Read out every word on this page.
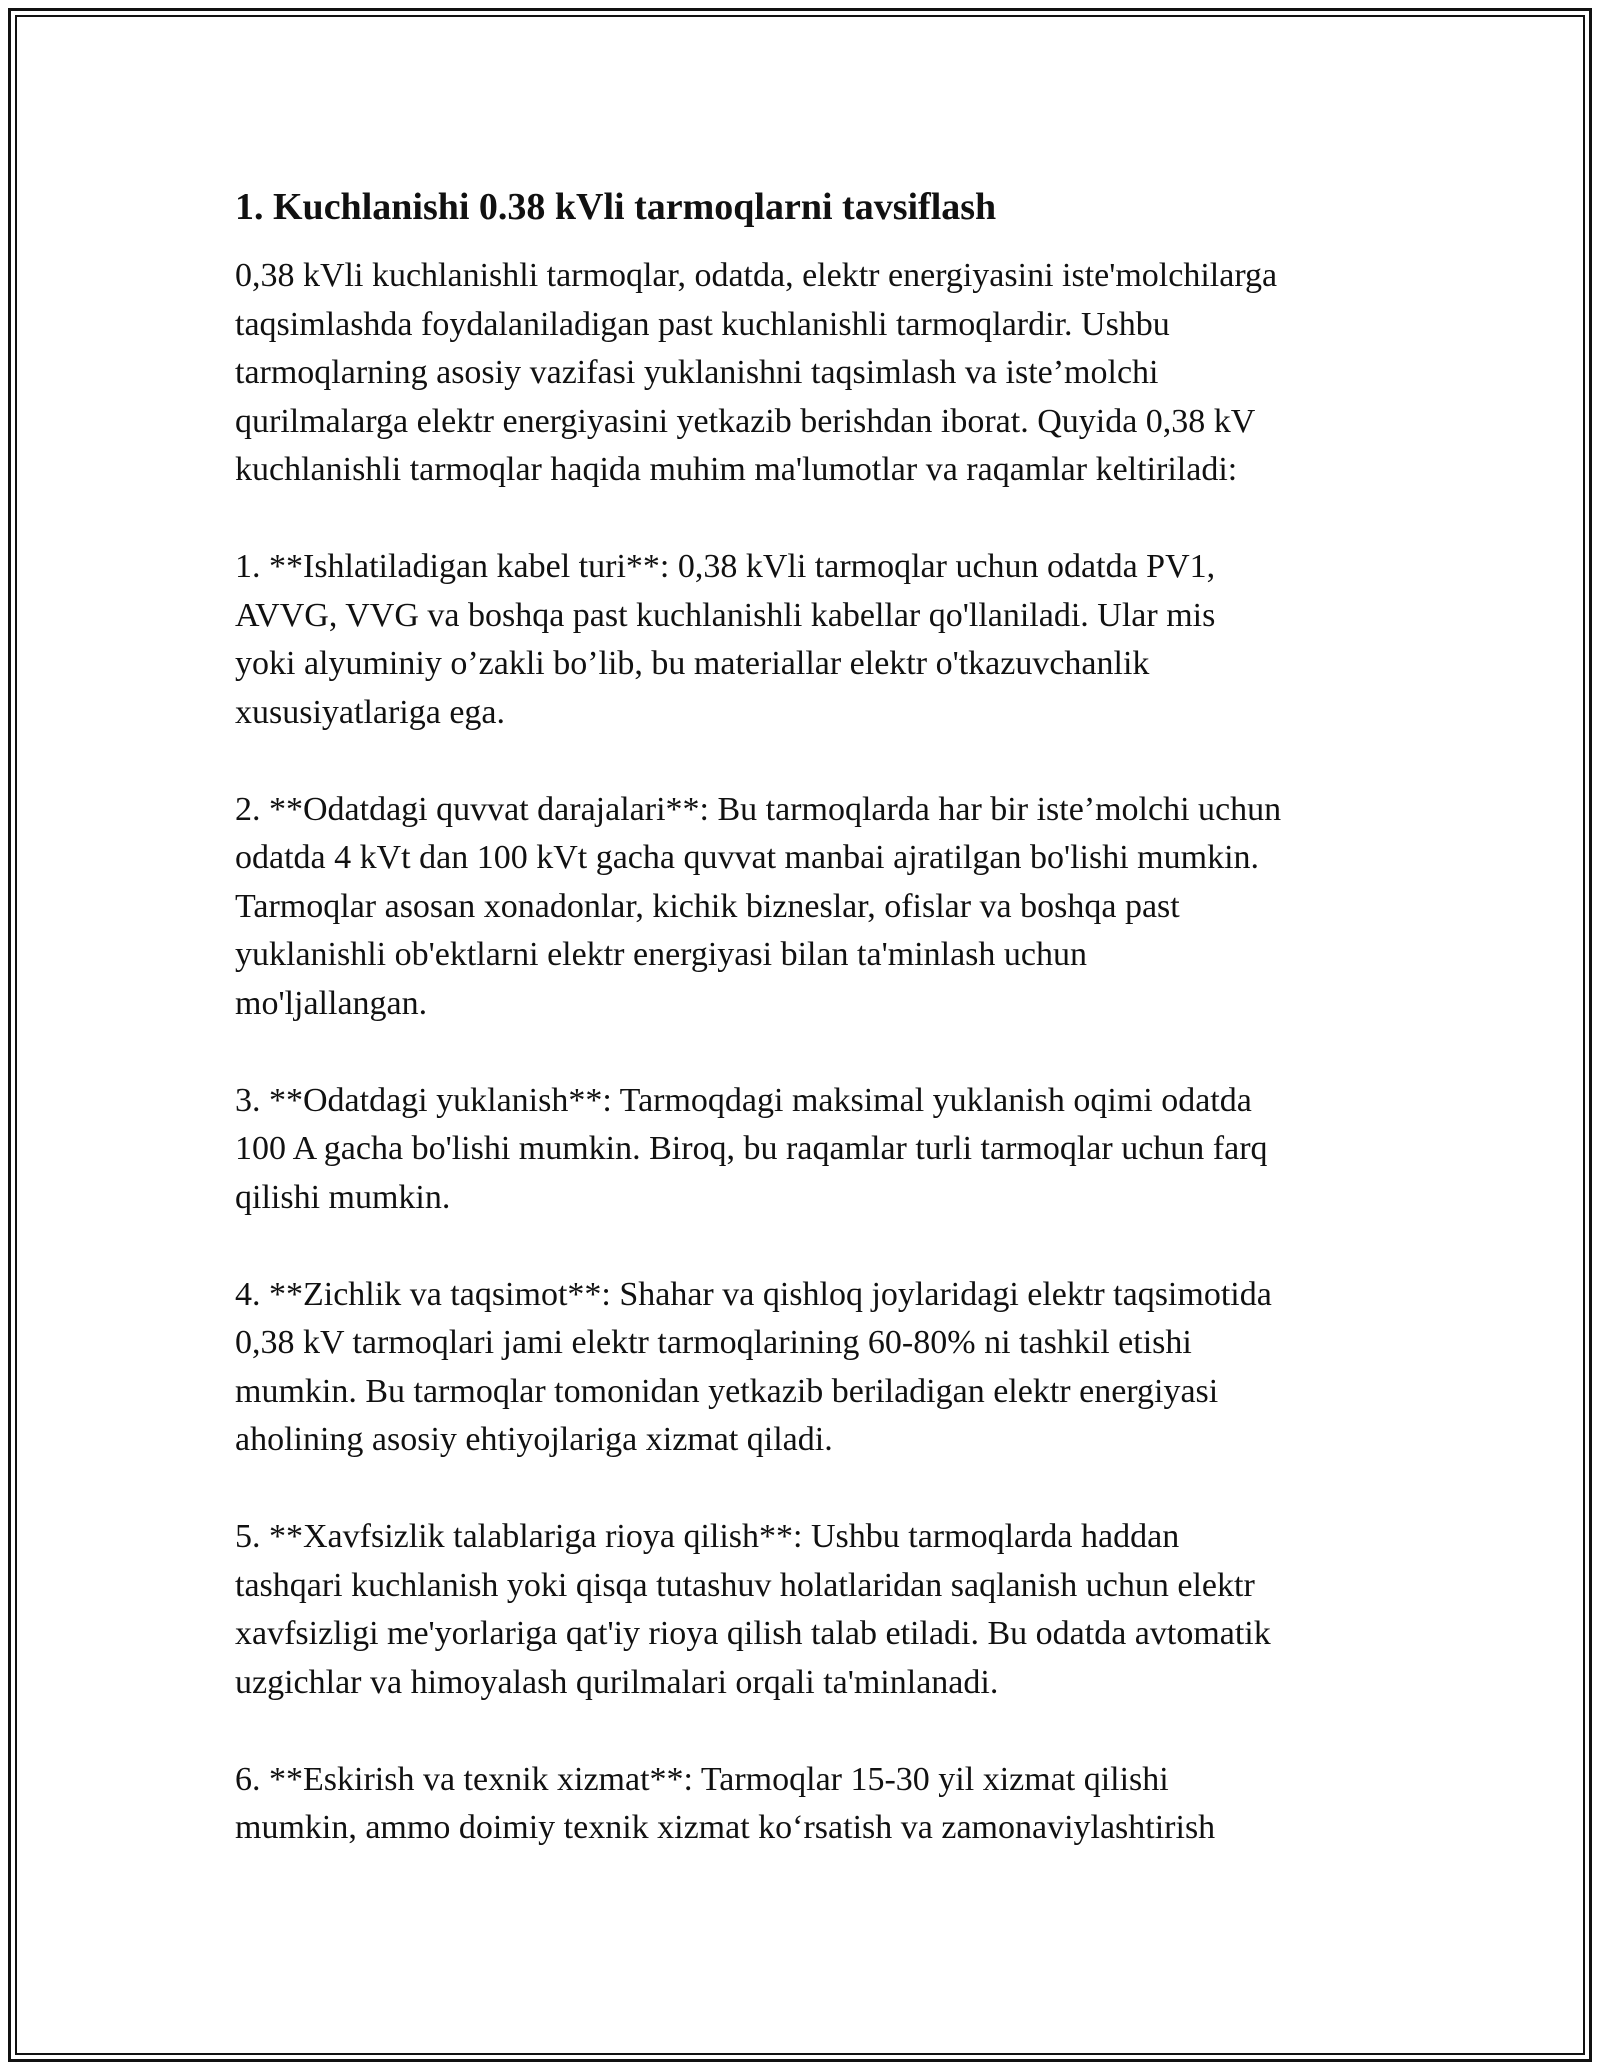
1. Kuchlanishi 0.38 kVli tarmoqlarni tavsiflash

0,38 kVli kuchlanishli tarmoqlar, odatda, elektr energiyasini iste'molchilarga
taqsimlashda foydalaniladigan past kuchlanishli tarmoqlardir. Ushbu
tarmoqlarning asosiy vazifasi yuklanishni taqsimlash va iste’molchi
qurilmalarga elektr energiyasini yetkazib berishdan iborat. Quyida 0,38 kV
kuchlanishli tarmoqlar haqida muhim ma'lumotlar va raqamlar keltiriladi:

1. **Ishlatiladigan kabel turi**: 0,38 kVli tarmoqlar uchun odatda PV1,
AVVG, VVG va boshqa past kuchlanishli kabellar qo'llaniladi. Ular mis
yoki alyuminiy o’zakli bo’lib, bu materiallar elektr o'tkazuvchanlik
xususiyatlariga ega.

2. **Odatdagi quvvat darajalari**: Bu tarmoqlarda har bir iste’molchi uchun
odatda 4 kVt dan 100 kVt gacha quvvat manbai ajratilgan bo'lishi mumkin.
Tarmoqlar asosan xonadonlar, kichik bizneslar, ofislar va boshqa past
yuklanishli ob'ektlarni elektr energiyasi bilan ta'minlash uchun
mo'ljallangan.

3. **Odatdagi yuklanish**: Tarmoqdagi maksimal yuklanish oqimi odatda
100 A gacha bo'lishi mumkin. Biroq, bu raqamlar turli tarmoqlar uchun farq
qilishi mumkin.

4. **Zichlik va taqsimot**: Shahar va qishloq joylaridagi elektr taqsimotida
0,38 kV tarmoqlari jami elektr tarmoqlarining 60-80% ni tashkil etishi
mumkin. Bu tarmoqlar tomonidan yetkazib beriladigan elektr energiyasi
aholining asosiy ehtiyojlariga xizmat qiladi.

5. **Xavfsizlik talablariga rioya qilish**: Ushbu tarmoqlarda haddan
tashqari kuchlanish yoki qisqa tutashuv holatlaridan saqlanish uchun elektr
xavfsizligi me'yorlariga qat'iy rioya qilish talab etiladi. Bu odatda avtomatik
uzgichlar va himoyalash qurilmalari orqali ta'minlanadi.

6. **Eskirish va texnik xizmat**: Tarmoqlar 15-30 yil xizmat qilishi
mumkin, ammo doimiy texnik xizmat ko‘rsatish va zamonaviylashtirish
